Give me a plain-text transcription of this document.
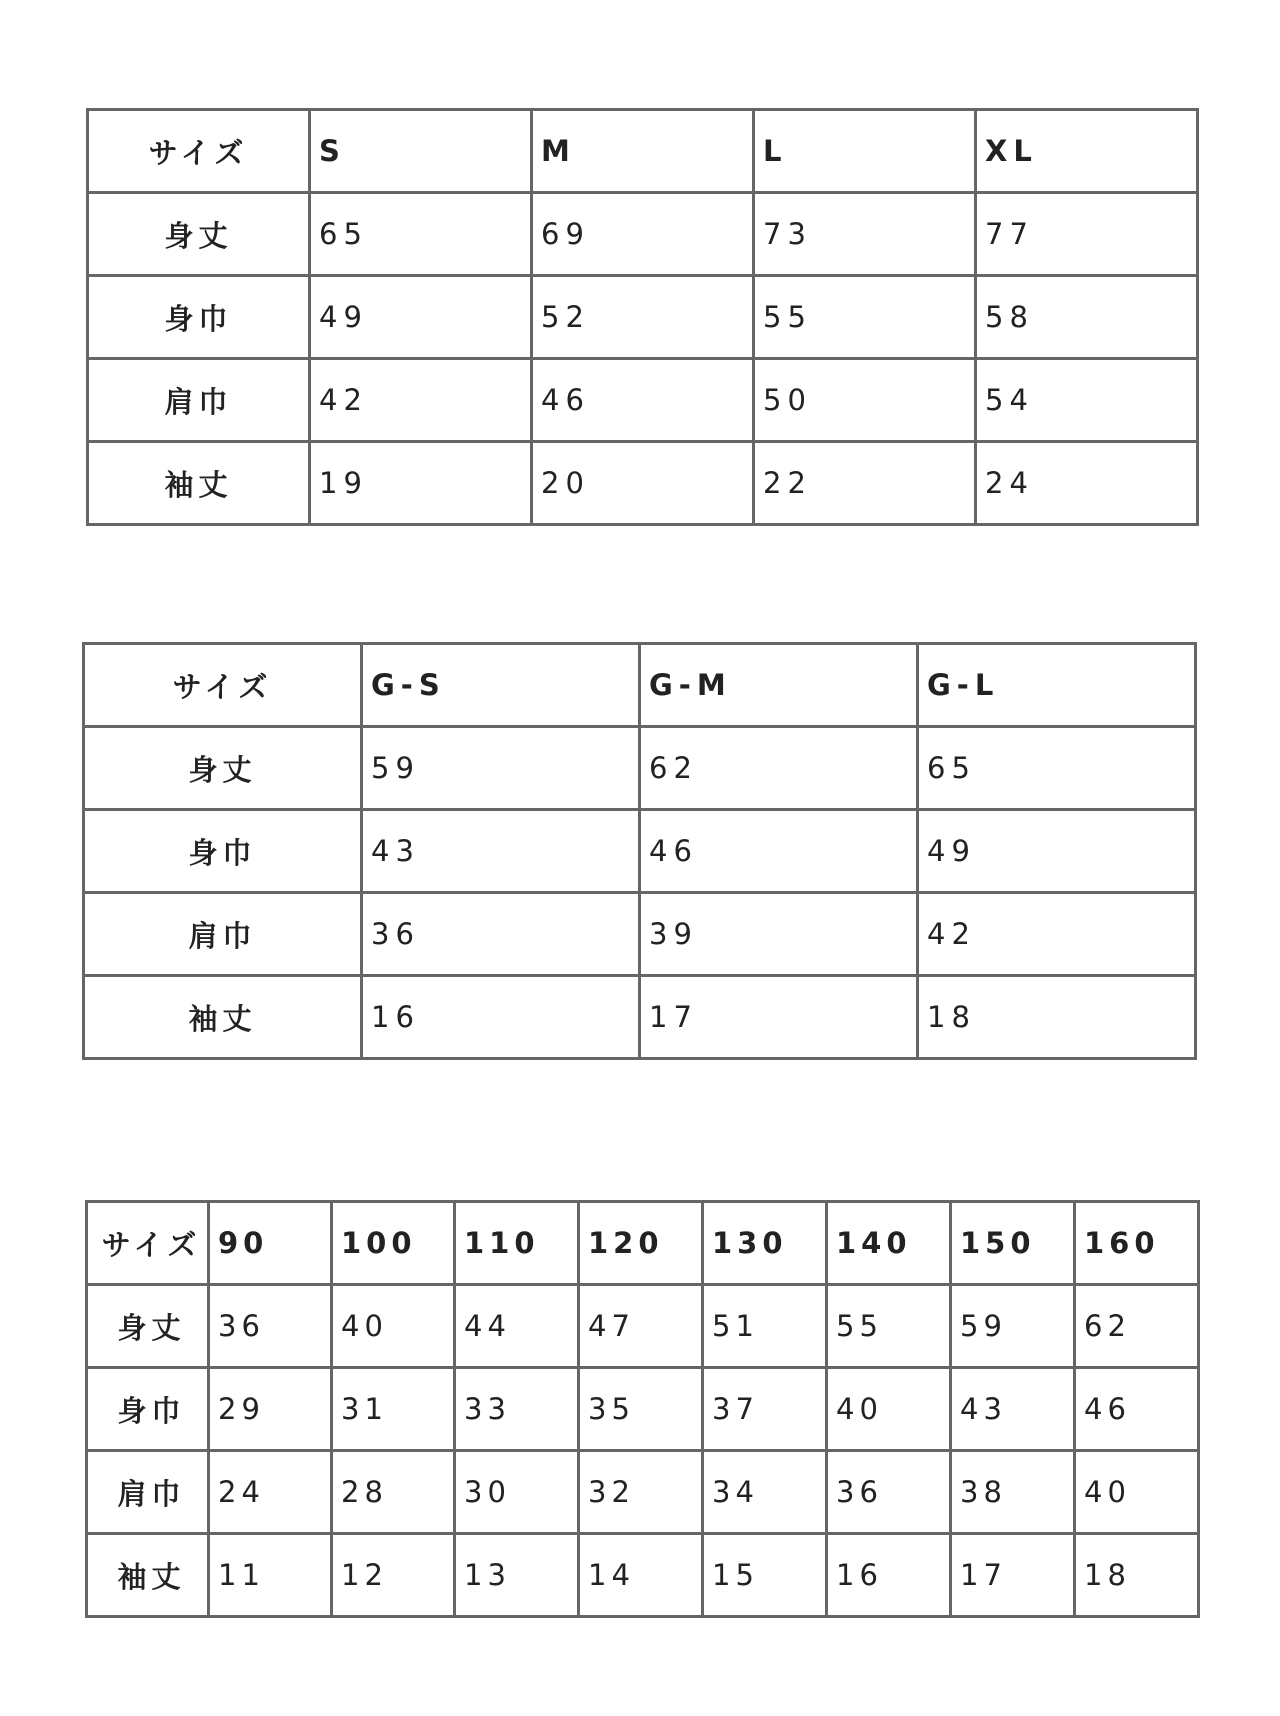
サイズ	S	M	L	XL
身丈	65	69	73	77
身巾	49	52	55	58
肩巾	42	46	50	54
袖丈	19	20	22	24
サイズ	G-S	G-M	G-L
身丈	59	62	65
身巾	43	46	49
肩巾	36	39	42
袖丈	16	17	18
サイズ	90	100	110	120	130	140	150	160
身丈	36	40	44	47	51	55	59	62
身巾	29	31	33	35	37	40	43	46
肩巾	24	28	30	32	34	36	38	40
袖丈	11	12	13	14	15	16	17	18
